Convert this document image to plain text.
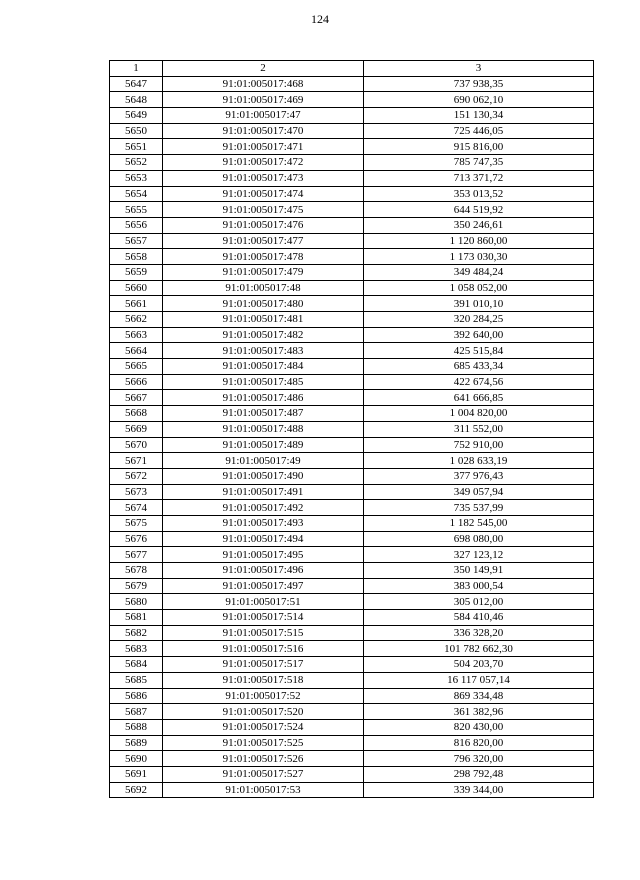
124
1	2	3
5647	91:01:005017:468	737 938,35
5648	91:01:005017:469	690 062,10
5649	91:01:005017:47	151 130,34
5650	91:01:005017:470	725 446,05
5651	91:01:005017:471	915 816,00
5652	91:01:005017:472	785 747,35
5653	91:01:005017:473	713 371,72
5654	91:01:005017:474	353 013,52
5655	91:01:005017:475	644 519,92
5656	91:01:005017:476	350 246,61
5657	91:01:005017:477	1 120 860,00
5658	91:01:005017:478	1 173 030,30
5659	91:01:005017:479	349 484,24
5660	91:01:005017:48	1 058 052,00
5661	91:01:005017:480	391 010,10
5662	91:01:005017:481	320 284,25
5663	91:01:005017:482	392 640,00
5664	91:01:005017:483	425 515,84
5665	91:01:005017:484	685 433,34
5666	91:01:005017:485	422 674,56
5667	91:01:005017:486	641 666,85
5668	91:01:005017:487	1 004 820,00
5669	91:01:005017:488	311 552,00
5670	91:01:005017:489	752 910,00
5671	91:01:005017:49	1 028 633,19
5672	91:01:005017:490	377 976,43
5673	91:01:005017:491	349 057,94
5674	91:01:005017:492	735 537,99
5675	91:01:005017:493	1 182 545,00
5676	91:01:005017:494	698 080,00
5677	91:01:005017:495	327 123,12
5678	91:01:005017:496	350 149,91
5679	91:01:005017:497	383 000,54
5680	91:01:005017:51	305 012,00
5681	91:01:005017:514	584 410,46
5682	91:01:005017:515	336 328,20
5683	91:01:005017:516	101 782 662,30
5684	91:01:005017:517	504 203,70
5685	91:01:005017:518	16 117 057,14
5686	91:01:005017:52	869 334,48
5687	91:01:005017:520	361 382,96
5688	91:01:005017:524	820 430,00
5689	91:01:005017:525	816 820,00
5690	91:01:005017:526	796 320,00
5691	91:01:005017:527	298 792,48
5692	91:01:005017:53	339 344,00
